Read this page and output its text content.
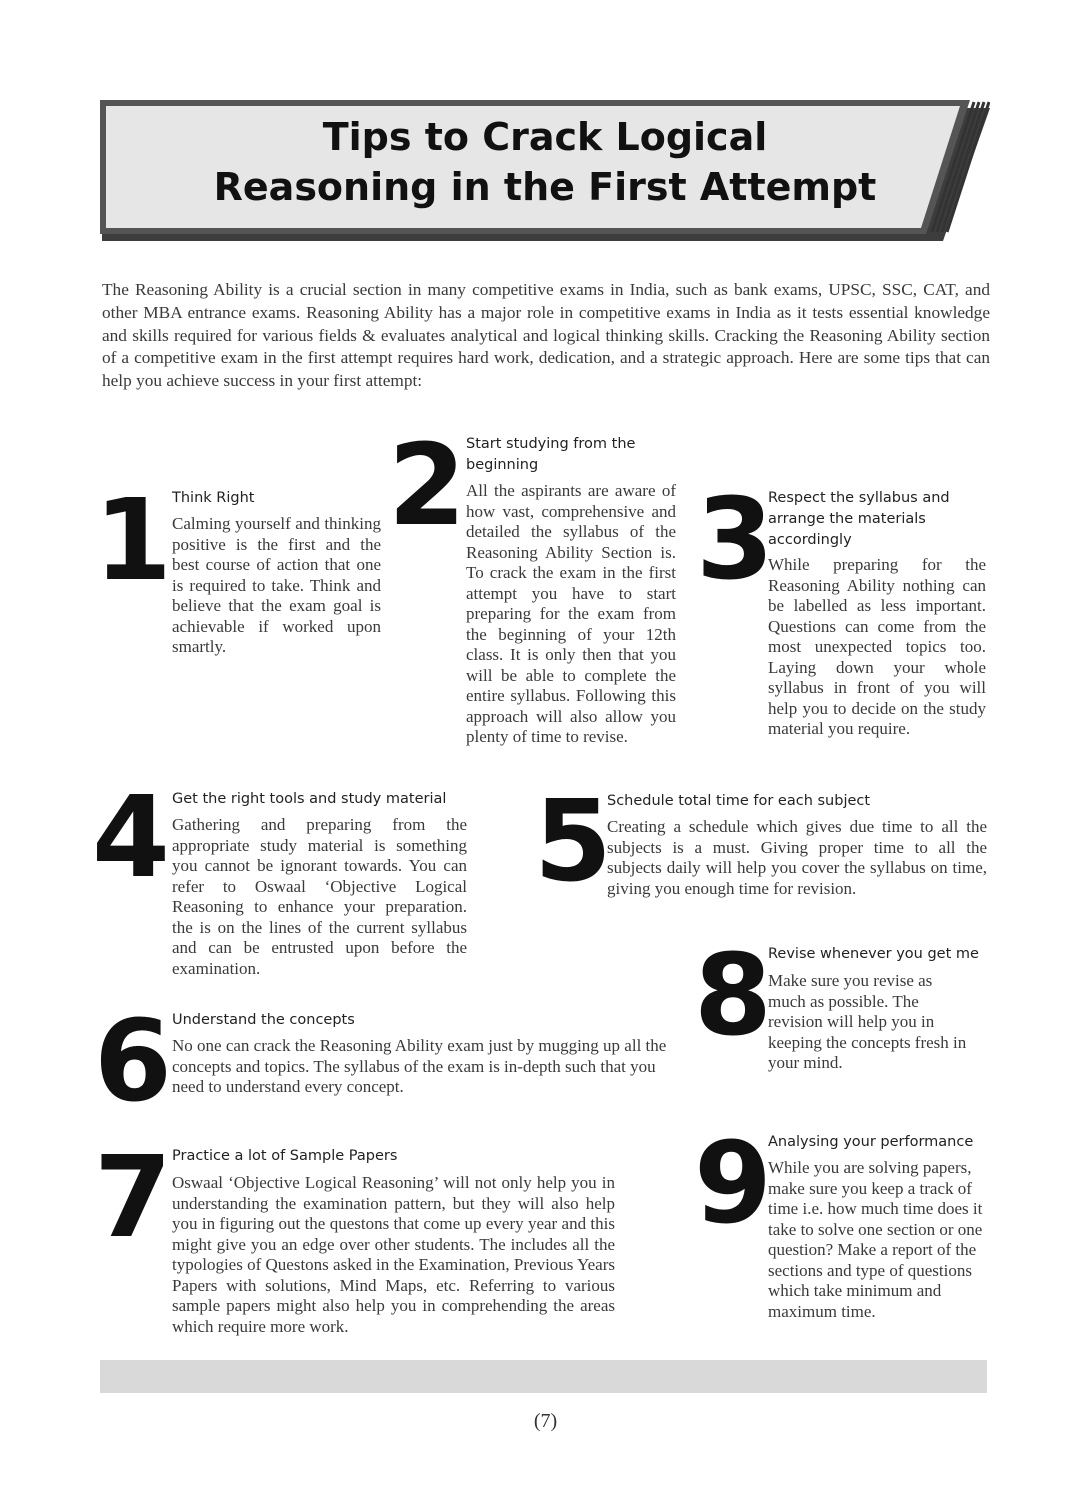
Tips to Crack Logical
Reasoning in the First Attempt

The Reasoning Ability is a crucial section in many competitive exams in India, such as bank exams, UPSC, SSC, CAT, and other MBA entrance exams. Reasoning Ability has a major role in competitive exams in India as it tests essential knowledge and skills required for various fields & evaluates analytical and logical thinking skills. Cracking the Reasoning Ability section of a competitive exam in the first attempt requires hard work, dedication, and a strategic approach. Here are some tips that can help you achieve success in your first attempt:

1 Think Right

Calming yourself and thinking positive is the first and the best course of action that one is required to take. Think and believe that the exam goal is achievable if worked upon smartly.

2 Start studying from the beginning

All the aspirants are aware of how vast, comprehensive and detailed the syllabus of the Reasoning Ability Section is. To crack the exam in the first attempt you have to start preparing for the exam from the beginning of your 12th class. It is only then that you will be able to complete the entire syllabus. Following this approach will also allow you plenty of time to revise.

3
Respect the syllabus and arrange the materials accordingly

While preparing for the Reasoning Ability nothing can be labelled as less important. Questions can come from the most unexpected topics too. Laying down your whole syllabus in front of you will help you to decide on the study material you require.

4 Get the right tools and study material

Gathering and preparing from the appropriate study material is something you cannot be ignorant towards. You can refer to Oswaal ‘Objective Logical Reasoning to enhance your preparation. the is on the lines of the current syllabus and can be entrusted upon before the examination.

5 Schedule total time for each subject

Creating a schedule which gives due time to all the subjects is a must. Giving proper time to all the subjects daily will help you cover the syllabus on time, giving you enough time for revision.

8 Revise whenever you get me

Make sure you revise as much as possible. The revision will help you in keeping the concepts fresh in your mind.

6 Understand the concepts

No one can crack the Reasoning Ability exam just by mugging up all the concepts and topics. The syllabus of the exam is in-depth such that you need to understand every concept.

7 Practice a lot of Sample Papers

Oswaal ‘Objective Logical Reasoning’ will not only help you in understanding the examination pattern, but they will also help you in figuring out the questons that come up every year and this might give you an edge over other students. The includes all the typologies of Questons asked in the Examination, Previous Years Papers with solutions, Mind Maps, etc. Referring to various sample papers might also help you in comprehending the areas which require more work.

9 Analysing your performance

While you are solving papers, make sure you keep a track of time i.e. how much time does it take to solve one section or one question? Make a report of the sections and type of questions which take minimum and maximum time.

(7)
